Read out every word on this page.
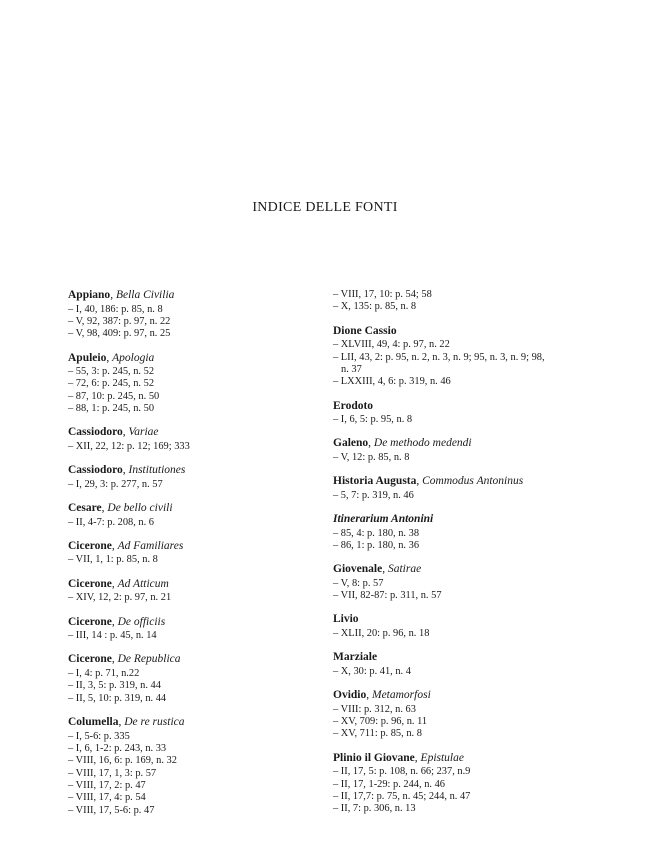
INDICE DELLE FONTI
Appiano, Bella Civilia
– I, 40, 186: p. 85, n. 8
– V, 92, 387: p. 97, n. 22
– V, 98, 409: p. 97, n. 25
Apuleio, Apologia
– 55, 3: p. 245, n. 52
– 72, 6: p. 245, n. 52
– 87, 10: p. 245, n. 50
– 88, 1: p. 245, n. 50
Cassiodoro, Variae
– XII, 22, 12: p. 12; 169; 333
Cassiodoro, Institutiones
– I, 29, 3: p. 277, n. 57
Cesare, De bello civili
– II, 4-7: p. 208, n. 6
Cicerone, Ad Familiares
– VII, 1, 1: p. 85, n. 8
Cicerone, Ad Atticum
– XIV, 12, 2: p. 97, n. 21
Cicerone, De officiis
– III, 14 : p. 45, n. 14
Cicerone, De Republica
– I, 4: p. 71, n.22
– II, 3, 5: p. 319, n. 44
– II, 5, 10: p. 319, n. 44
Columella, De re rustica
– I, 5-6: p. 335
– I, 6, 1-2: p. 243, n. 33
– VIII, 16, 6: p. 169, n. 32
– VIII, 17, 1, 3: p. 57
– VIII, 17, 2: p. 47
– VIII, 17, 4: p. 54
– VIII, 17, 5-6: p. 47
– VIII, 17, 10: p. 54; 58
– X, 135: p. 85, n. 8
Dione Cassio
– XLVIII, 49, 4: p. 97, n. 22
– LII, 43, 2: p. 95, n. 2, n. 3, n. 9; 95, n. 3, n. 9; 98,
n. 37
– LXXIII, 4, 6: p. 319, n. 46
Erodoto
– I, 6, 5: p. 95, n. 8
Galeno, De methodo medendi
– V, 12: p. 85, n. 8
Historia Augusta, Commodus Antoninus
– 5, 7: p. 319, n. 46
Itinerarium Antonini
– 85, 4: p. 180, n. 38
– 86, 1: p. 180, n. 36
Giovenale, Satirae
– V, 8: p. 57
– VII, 82-87: p. 311, n. 57
Livio
– XLII, 20: p. 96, n. 18
Marziale
– X, 30: p. 41, n. 4
Ovidio, Metamorfosi
– VIII: p. 312, n. 63
– XV, 709: p. 96, n. 11
– XV, 711: p. 85, n. 8
Plinio il Giovane, Epistulae
– II, 17, 5: p. 108, n. 66; 237, n.9
– II, 17, 1-29: p. 244, n. 46
– II, 17,7: p. 75, n. 45; 244, n. 47
– II, 7: p. 306, n. 13
